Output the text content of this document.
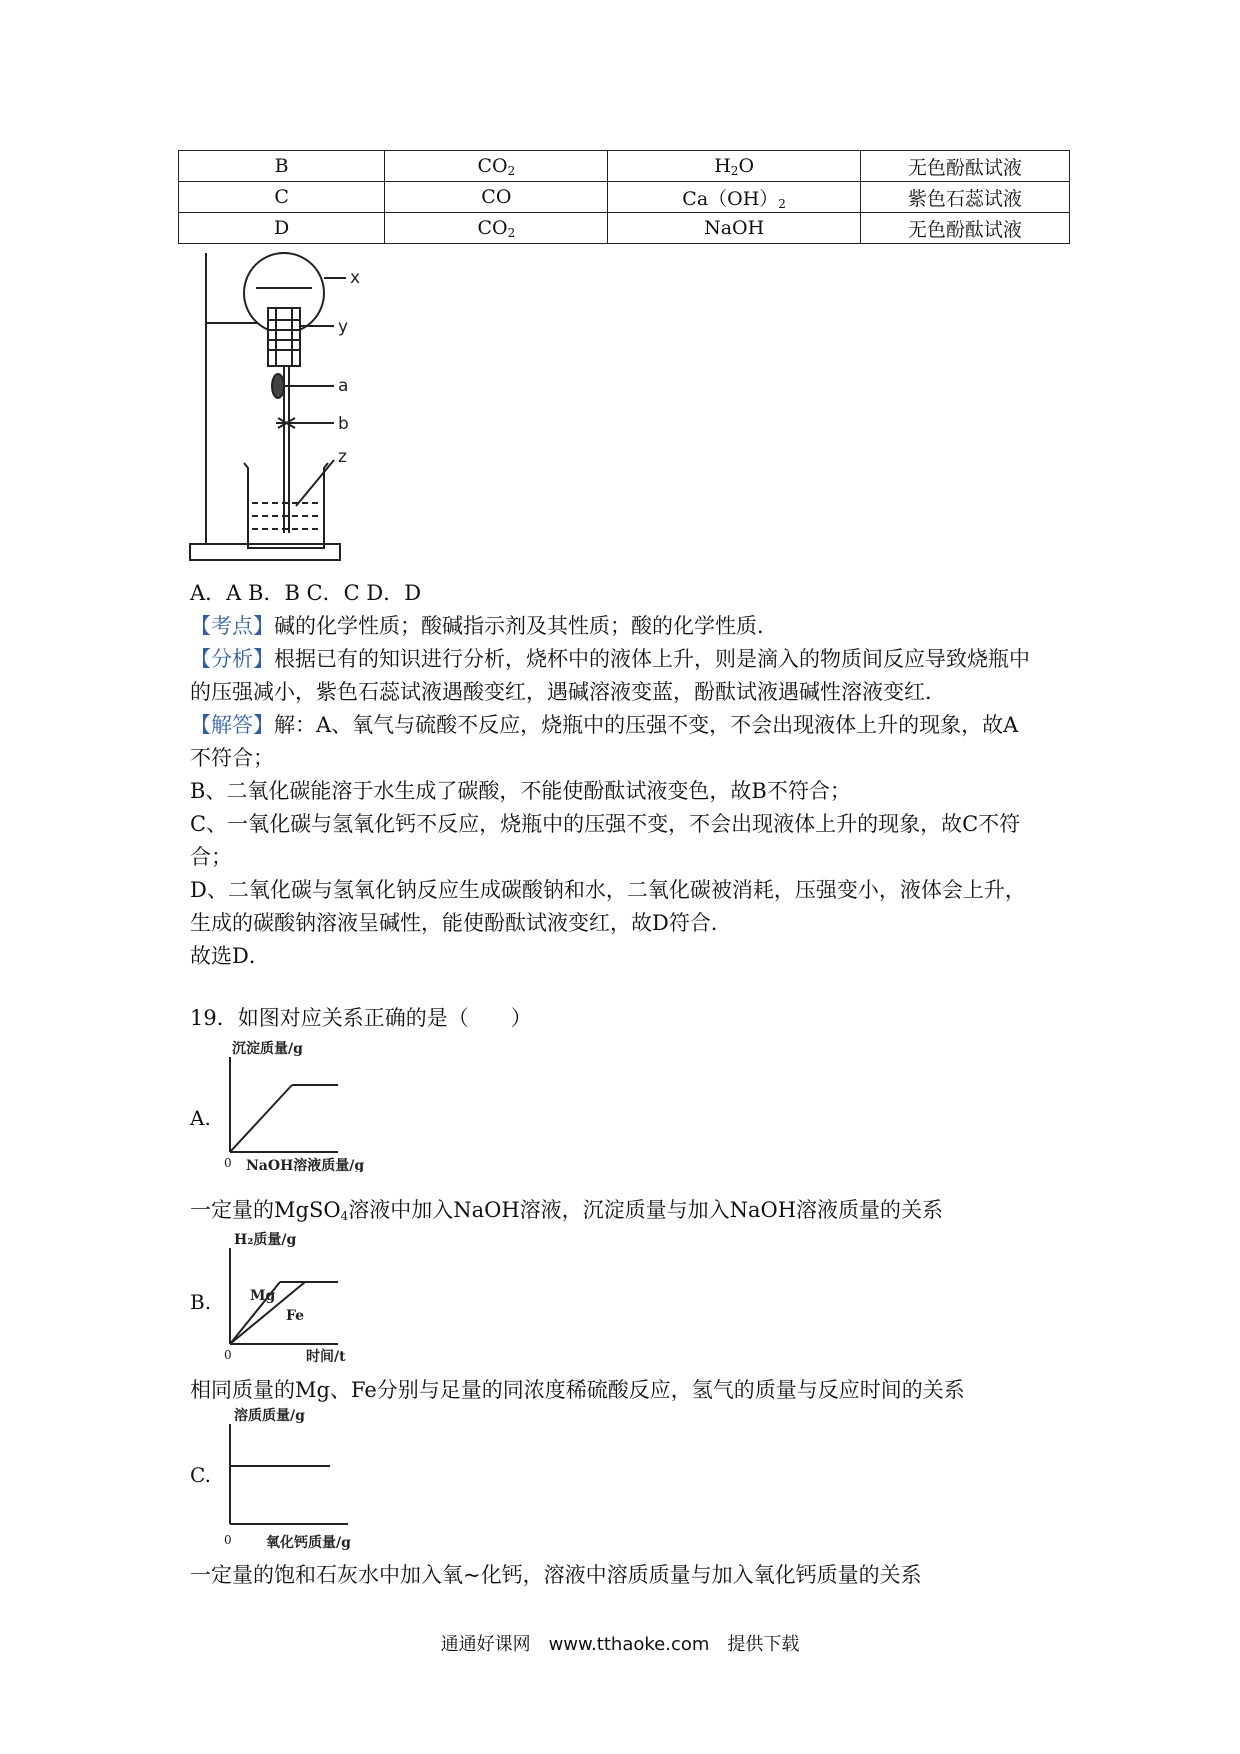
B	$CO_2$	$H_2O$	无色酚酞试液
C	CO	$Ca(OH)_2$	紫色石蕊试液
D	$CO_2$	NaOH	无色酚酞试液
x
y
a
b
z
A．A B．B C．C D．D
【考点】碱的化学性质；酸碱指示剂及其性质；酸的化学性质．
【分析】根据已有的知识进行分析，烧杯中的液体上升，则是滴入的物质间反应导致烧瓶中
的压强减小，紫色石蕊试液遇酸变红，遇碱溶液变蓝，酚酞试液遇碱性溶液变红．
【解答】解：A、氧气与硫酸不反应，烧瓶中的压强不变，不会出现液体上升的现象，故A
不符合；
B、二氧化碳能溶于水生成了碳酸，不能使酚酞试液变色，故B不符合；
C、一氧化碳与氢氧化钙不反应，烧瓶中的压强不变，不会出现液体上升的现象，故C不符
合；
D、二氧化碳与氢氧化钠反应生成碳酸钠和水，二氧化碳被消耗，压强变小，液体会上升，
生成的碳酸钠溶液呈碱性，能使酚酞试液变红，故D符合．
故选D．
19．如图对应关系正确的是（　　）
A.
沉淀质量/g
0 NaOH溶液质量/g
一定量的MgSO$_4$溶液中加入NaOH溶液，沉淀质量与加入NaOH溶液质量的关系
B.
H₂质量/g
Mg
Fe
0	时间/t
相同质量的Mg、Fe分别与足量的同浓度稀硫酸反应，氢气的质量与反应时间的关系
C.
溶质质量/g
0 氧化钙质量/g
一定量的饱和石灰水中加入氧~化钙，溶液中溶质质量与加入氧化钙质量的关系
通通好课网　www.tthaoke.com　提供下载
